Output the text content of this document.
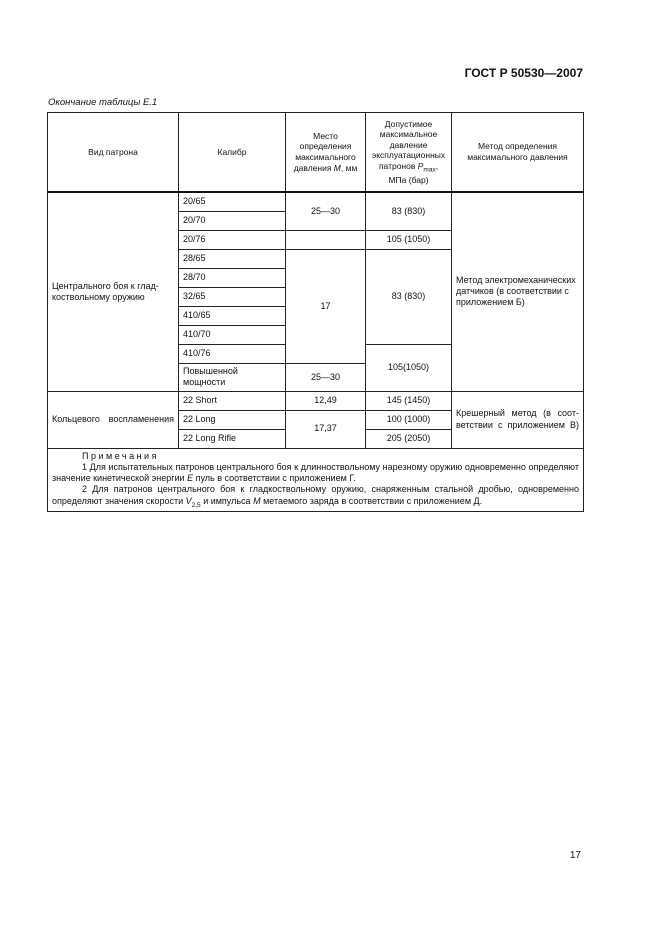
ГОСТ Р 50530—2007
Окончание таблицы Е.1
Вид патрона	Калибр	Место определения максимального давления M, мм	Допустимое максимальное давление эксплуатационных патронов $P_{max}$, МПа (бар)	Метод определения максимального давления
Центрального боя к гладкоствольному оружию	20/65	25—30	83 (830)	Метод электромеханических датчиков (в соответствии с приложением Б)
	20/70			
	20/76		105 (1050)	
	28/65	17	83 (830)	
	28/70			
	32/65			
	410/65			
	410/70			
	410/76		105(1050)	
	Повышенной мощности	25—30		
Кольцевого воспламенения	22 Short	12,49	145 (1450)	Крешерный метод (в соответствии с приложением В)
	22 Long	17,37	100 (1000)	
	22 Long Rifle		205 (2050)	

Примечания
1 Для испытательных патронов центрального боя к длинноствольному нарезному оружию одновременно определяют значение кинетической энергии E пуль в соответствии с приложением Г.
2 Для патронов центрального боя к гладкоствольному оружию, снаряженным стальной дробью, одновременно определяют значения скорости $V_{2,5}$ и импульса M метаемого заряда в соответствии с приложением Д.				
17
